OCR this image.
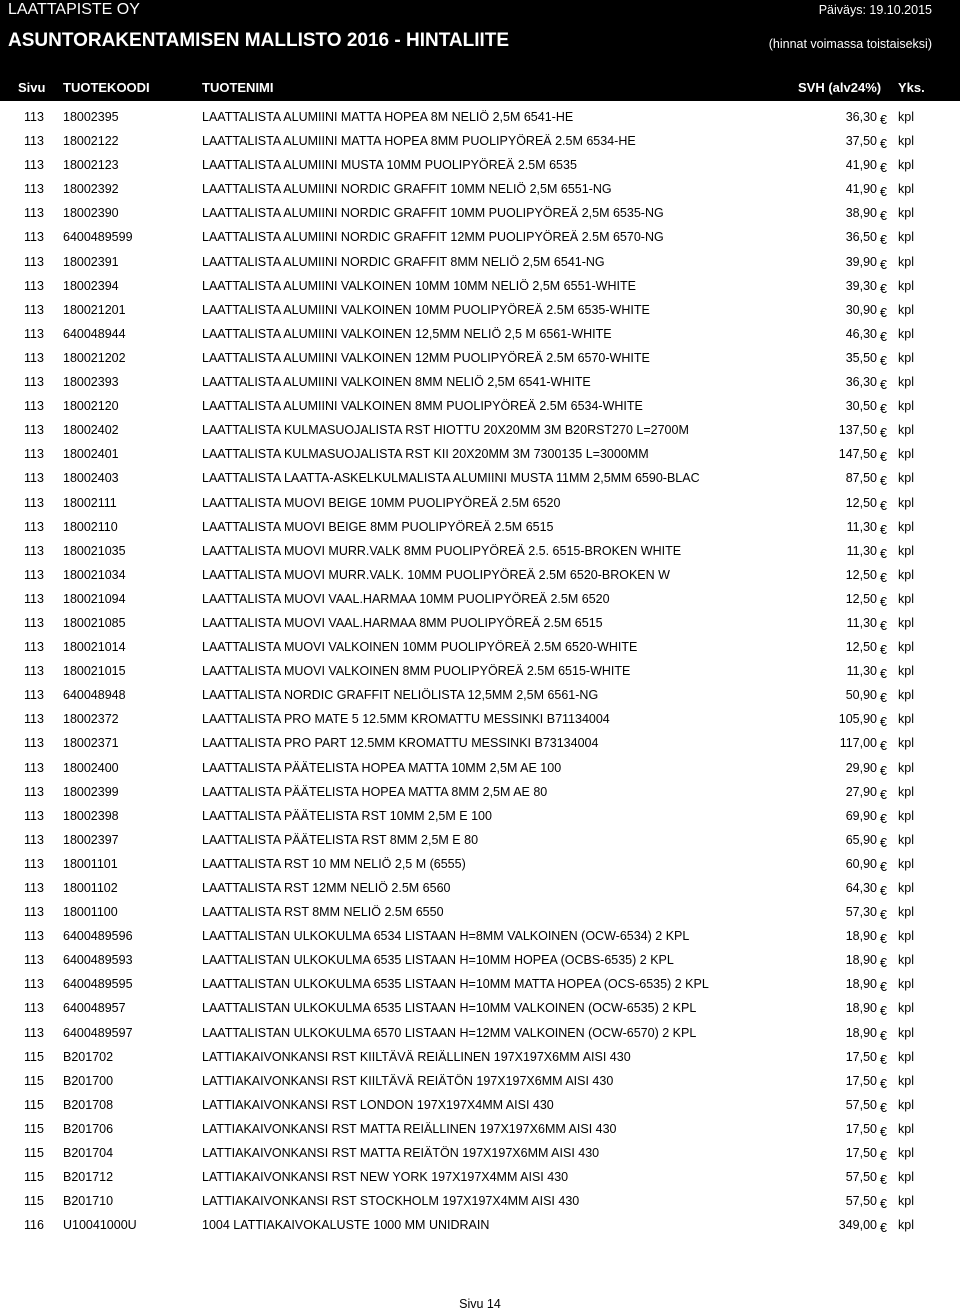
LAATTAPISTE OY	Päiväys: 19.10.2015
ASUNTORAKENTAMISEN MALLISTO 2016 - HINTALIITE	(hinnat voimassa toistaiseksi)
Sivu TUOTEKOODI	TUOTENIMI	SVH (alv24%) Yks.
113 18002395	LAATTALISTA ALUMIINI MATTA HOPEA 8M NELIÖ 2,5M 6541-HE	36,30 € kpl
113 18002122	LAATTALISTA ALUMIINI MATTA HOPEA 8MM PUOLIPYÖREÄ 2.5M 6534-HE	37,50 € kpl
113 18002123	LAATTALISTA ALUMIINI MUSTA 10MM PUOLIPYÖREÄ 2.5M 6535	41,90 € kpl
113 18002392	LAATTALISTA ALUMIINI NORDIC GRAFFIT 10MM NELIÖ 2,5M 6551-NG	41,90 € kpl
113 18002390	LAATTALISTA ALUMIINI NORDIC GRAFFIT 10MM PUOLIPYÖREÄ 2,5M 6535-NG	38,90 € kpl
113 6400489599	LAATTALISTA ALUMIINI NORDIC GRAFFIT 12MM PUOLIPYÖREÄ 2.5M 6570-NG	36,50 € kpl
113 18002391	LAATTALISTA ALUMIINI NORDIC GRAFFIT 8MM NELIÖ 2,5M 6541-NG	39,90 € kpl
113 18002394	LAATTALISTA ALUMIINI VALKOINEN 10MM 10MM NELIÖ 2,5M 6551-WHITE	39,30 € kpl
113 180021201	LAATTALISTA ALUMIINI VALKOINEN 10MM PUOLIPYÖREÄ 2.5M 6535-WHITE	30,90 € kpl
113 640048944	LAATTALISTA ALUMIINI VALKOINEN 12,5MM NELIÖ 2,5 M 6561-WHITE	46,30 € kpl
113 180021202	LAATTALISTA ALUMIINI VALKOINEN 12MM PUOLIPYÖREÄ 2.5M 6570-WHITE	35,50 € kpl
113 18002393	LAATTALISTA ALUMIINI VALKOINEN 8MM NELIÖ 2,5M 6541-WHITE	36,30 € kpl
113 18002120	LAATTALISTA ALUMIINI VALKOINEN 8MM PUOLIPYÖREÄ 2.5M 6534-WHITE	30,50 € kpl
113 18002402	LAATTALISTA KULMASUOJALISTA RST HIOTTU 20X20MM 3M B20RST270 L=2700M	137,50 € kpl
113 18002401	LAATTALISTA KULMASUOJALISTA RST KII 20X20MM 3M 7300135 L=3000MM	147,50 € kpl
113 18002403	LAATTALISTA LAATTA-ASKELKULMALISTA ALUMIINI MUSTA 11MM 2,5MM 6590-BLAC	87,50 € kpl
113 18002111	LAATTALISTA MUOVI BEIGE 10MM PUOLIPYÖREÄ 2.5M 6520	12,50 € kpl
113 18002110	LAATTALISTA MUOVI BEIGE 8MM PUOLIPYÖREÄ 2.5M 6515	11,30 € kpl
113 180021035	LAATTALISTA MUOVI MURR.VALK 8MM PUOLIPYÖREÄ 2.5. 6515-BROKEN WHITE	11,30 € kpl
113 180021034	LAATTALISTA MUOVI MURR.VALK. 10MM PUOLIPYÖREÄ 2.5M 6520-BROKEN W	12,50 € kpl
113 180021094	LAATTALISTA MUOVI VAAL.HARMAA 10MM PUOLIPYÖREÄ 2.5M 6520	12,50 € kpl
113 180021085	LAATTALISTA MUOVI VAAL.HARMAA 8MM PUOLIPYÖREÄ 2.5M 6515	11,30 € kpl
113 180021014	LAATTALISTA MUOVI VALKOINEN 10MM PUOLIPYÖREÄ 2.5M 6520-WHITE	12,50 € kpl
113 180021015	LAATTALISTA MUOVI VALKOINEN 8MM PUOLIPYÖREÄ 2.5M 6515-WHITE	11,30 € kpl
113 640048948	LAATTALISTA NORDIC GRAFFIT NELIÖLISTA 12,5MM 2,5M 6561-NG	50,90 € kpl
113 18002372	LAATTALISTA PRO MATE 5 12.5MM KROMATTU MESSINKI B71134004	105,90 € kpl
113 18002371	LAATTALISTA PRO PART 12.5MM KROMATTU MESSINKI B73134004	117,00 € kpl
113 18002400	LAATTALISTA PÄÄTELISTA HOPEA MATTA 10MM 2,5M AE 100	29,90 € kpl
113 18002399	LAATTALISTA PÄÄTELISTA HOPEA MATTA 8MM 2,5M AE 80	27,90 € kpl
113 18002398	LAATTALISTA PÄÄTELISTA RST 10MM 2,5M E 100	69,90 € kpl
113 18002397	LAATTALISTA PÄÄTELISTA RST 8MM 2,5M E 80	65,90 € kpl
113 18001101	LAATTALISTA RST 10 MM NELIÖ 2,5 M (6555)	60,90 € kpl
113 18001102	LAATTALISTA RST 12MM NELIÖ 2.5M 6560	64,30 € kpl
113 18001100	LAATTALISTA RST 8MM NELIÖ 2.5M 6550	57,30 € kpl
113 6400489596	LAATTALISTAN ULKOKULMA 6534 LISTAAN H=8MM VALKOINEN (OCW-6534) 2 KPL	18,90 € kpl
113 6400489593	LAATTALISTAN ULKOKULMA 6535 LISTAAN H=10MM HOPEA (OCBS-6535) 2 KPL	18,90 € kpl
113 6400489595	LAATTALISTAN ULKOKULMA 6535 LISTAAN H=10MM MATTA HOPEA (OCS-6535) 2 KPL	18,90 € kpl
113 640048957	LAATTALISTAN ULKOKULMA 6535 LISTAAN H=10MM VALKOINEN (OCW-6535) 2 KPL	18,90 € kpl
113 6400489597	LAATTALISTAN ULKOKULMA 6570 LISTAAN H=12MM VALKOINEN (OCW-6570) 2 KPL	18,90 € kpl
115 B201702	LATTIAKAIVONKANSI RST KIILTÄVÄ REIÄLLINEN 197X197X6MM AISI 430	17,50 € kpl
115 B201700	LATTIAKAIVONKANSI RST KIILTÄVÄ REIÄTÖN 197X197X6MM AISI 430	17,50 € kpl
115 B201708	LATTIAKAIVONKANSI RST LONDON 197X197X4MM AISI 430	57,50 € kpl
115 B201706	LATTIAKAIVONKANSI RST MATTA REIÄLLINEN 197X197X6MM AISI 430	17,50 € kpl
115 B201704	LATTIAKAIVONKANSI RST MATTA REIÄTÖN 197X197X6MM AISI 430	17,50 € kpl
115 B201712	LATTIAKAIVONKANSI RST NEW YORK 197X197X4MM AISI 430	57,50 € kpl
115 B201710	LATTIAKAIVONKANSI RST STOCKHOLM 197X197X4MM AISI 430	57,50 € kpl
116 U10041000U	1004 LATTIAKAIVOKALUSTE 1000 MM UNIDRAIN	349,00 € kpl
Sivu 14
